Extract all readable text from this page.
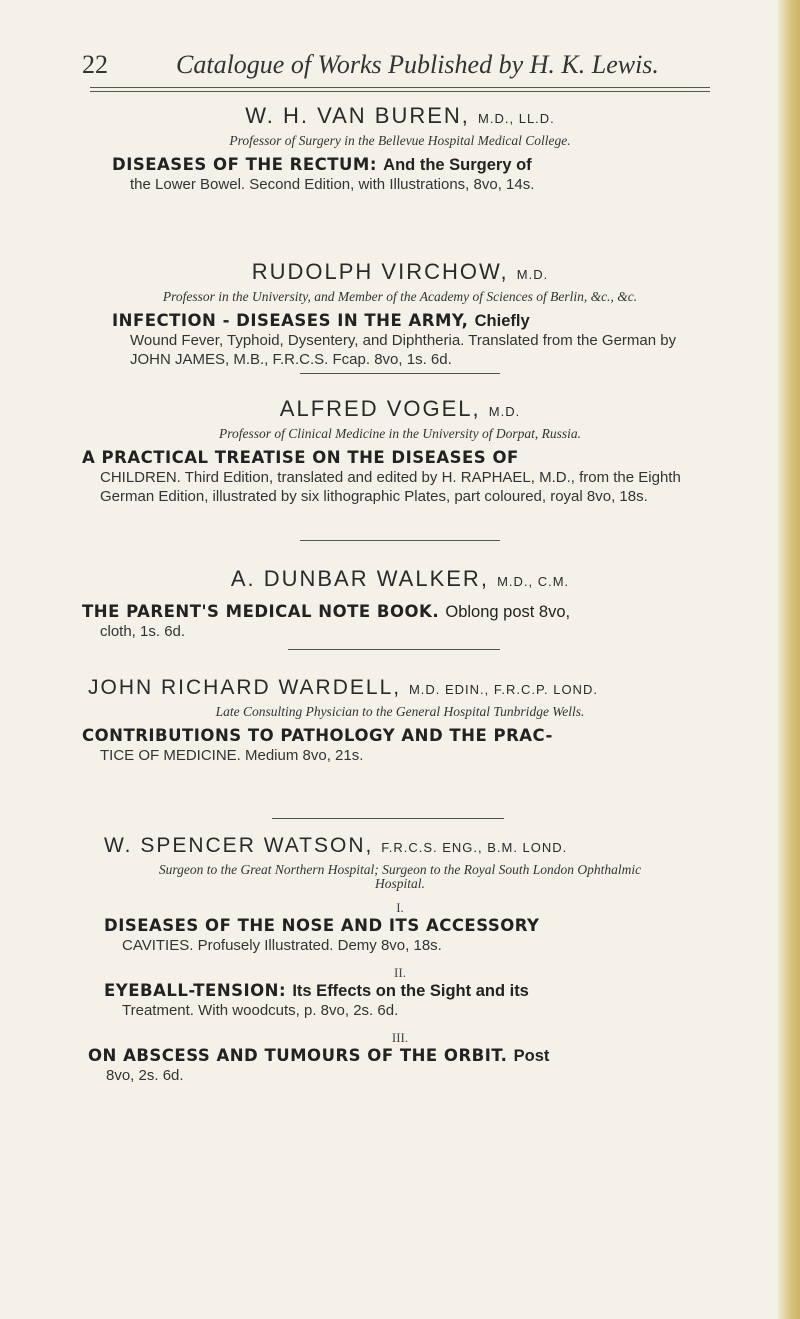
22	Catalogue of Works Published by H. K. Lewis.
W. H. VAN BUREN, M.D., LL.D.
Professor of Surgery in the Bellevue Hospital Medical College.
DISEASES OF THE RECTUM: And the Surgery of
the Lower Bowel. Second Edition, with Illustrations, 8vo, 14s.
RUDOLPH VIRCHOW, M.D.
Professor in the University, and Member of the Academy of Sciences of Berlin, &c., &c.
INFECTION - DISEASES IN THE ARMY, Chiefly
Wound Fever, Typhoid, Dysentery, and Diphtheria. Translated from the German by JOHN JAMES, M.B., F.R.C.S. Fcap. 8vo, 1s. 6d.
ALFRED VOGEL, M.D.
Professor of Clinical Medicine in the University of Dorpat, Russia.
A PRACTICAL TREATISE ON THE DISEASES OF
CHILDREN. Third Edition, translated and edited by H. RAPHAEL, M.D., from the Eighth German Edition, illustrated by six lithographic Plates, part coloured, royal 8vo, 18s.
A. DUNBAR WALKER, M.D., C.M.
THE PARENT'S MEDICAL NOTE BOOK. Oblong post 8vo,
cloth, 1s. 6d.
JOHN RICHARD WARDELL, M.D. EDIN., F.R.C.P. LOND.
Late Consulting Physician to the General Hospital Tunbridge Wells.
CONTRIBUTIONS TO PATHOLOGY AND THE PRAC-
TICE OF MEDICINE. Medium 8vo, 21s.
W. SPENCER WATSON, F.R.C.S. ENG., B.M. LOND.
Surgeon to the Great Northern Hospital; Surgeon to the Royal South London Ophthalmic
Hospital.
I.
DISEASES OF THE NOSE AND ITS ACCESSORY
CAVITIES. Profusely Illustrated. Demy 8vo, 18s.
II.
EYEBALL-TENSION: Its Effects on the Sight and its
Treatment. With woodcuts, p. 8vo, 2s. 6d.
III.
ON ABSCESS AND TUMOURS OF THE ORBIT. Post
8vo, 2s. 6d.
